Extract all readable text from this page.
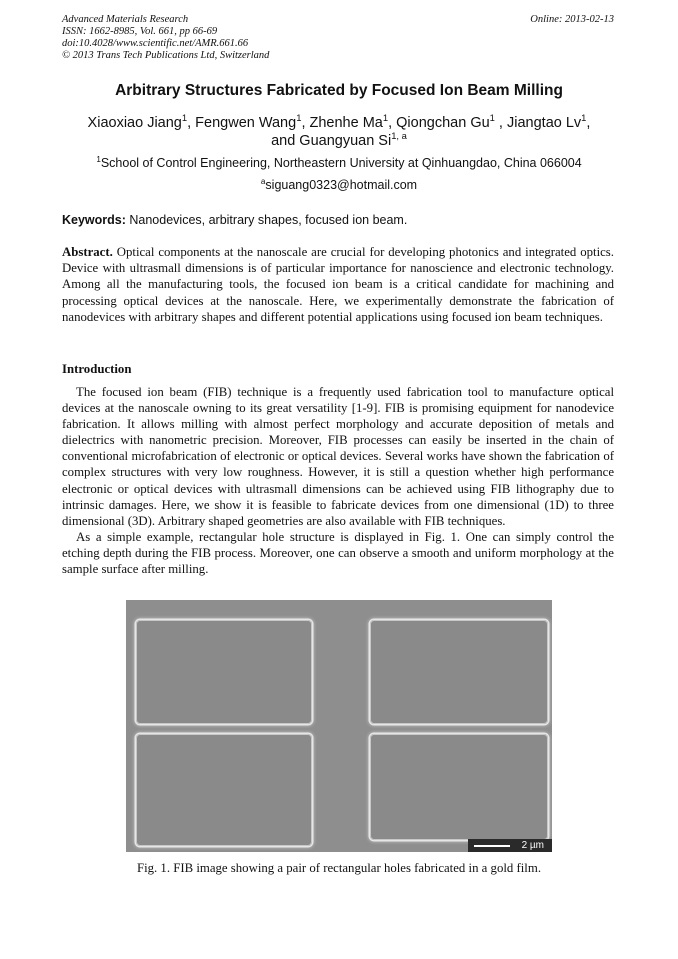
Advanced Materials Research
ISSN: 1662-8985, Vol. 661, pp 66-69
doi:10.4028/www.scientific.net/AMR.661.66
© 2013 Trans Tech Publications Ltd, Switzerland
Online: 2013-02-13
Arbitrary Structures Fabricated by Focused Ion Beam Milling
Xiaoxiao Jiang$^1$, Fengwen Wang$^1$, Zhenhe Ma$^1$, Qiongchan Gu$^1$ , Jiangtao Lv$^1$,
and Guangyuan Si$^{1, a}$
$^1$School of Control Engineering, Northeastern University at Qinhuangdao, China 066004
$^a$siguang0323@hotmail.com
Keywords: Nanodevices, arbitrary shapes, focused ion beam.
Abstract. Optical components at the nanoscale are crucial for developing photonics and integrated optics. Device with ultrasmall dimensions is of particular importance for nanoscience and electronic technology. Among all the manufacturing tools, the focused ion beam is a critical candidate for machining and processing optical devices at the nanoscale. Here, we experimentally demonstrate the fabrication of nanodevices with arbitrary shapes and different potential applications using focused ion beam techniques.
Introduction

The focused ion beam (FIB) technique is a frequently used fabrication tool to manufacture optical devices at the nanoscale owning to its great versatility [1-9]. FIB is promising equipment for nanodevice fabrication. It allows milling with almost perfect morphology and accurate deposition of metals and dielectrics with nanometric precision. Moreover, FIB processes can easily be inserted in the chain of conventional microfabrication of electronic or optical devices. Several works have shown the fabrication of complex structures with very low roughness. However, it is still a question whether high performance electronic or optical devices with ultrasmall dimensions can be achieved using FIB lithography due to intrinsic damages. Here, we show it is feasible to fabricate devices from one dimensional (1D) to three dimensional (3D). Arbitrary shaped geometries are also available with FIB techniques.

As a simple example, rectangular hole structure is displayed in Fig. 1. One can simply control the etching depth during the FIB process. Moreover, one can observe a smooth and uniform morphology at the sample surface after milling.

2 µm
Fig. 1. FIB image showing a pair of rectangular holes fabricated in a gold film.
